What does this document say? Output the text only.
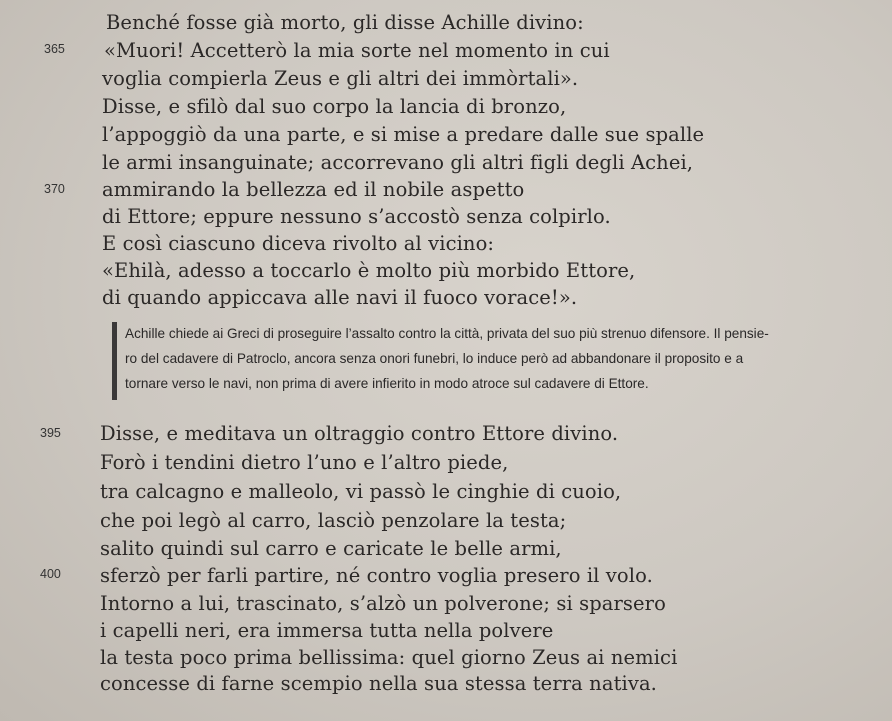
Benché fosse già morto, gli disse Achille divino:
365 «Muori! Accetterò la mia sorte nel momento in cui
voglia compierla Zeus e gli altri dei immòrtali».
Disse, e sfilò dal suo corpo la lancia di bronzo,
l’appoggiò da una parte, e si mise a predare dalle sue spalle
le armi insanguinate; accorrevano gli altri figli degli Achei,
370 ammirando la bellezza ed il nobile aspetto
di Ettore; eppure nessuno s’accostò senza colpirlo.
E così ciascuno diceva rivolto al vicino:
«Ehilà, adesso a toccarlo è molto più morbido Ettore,
di quando appiccava alle navi il fuoco vorace!».
Achille chiede ai Greci di proseguire l’assalto contro la città, privata del suo più strenuo difensore. Il pensie-
ro del cadavere di Patroclo, ancora senza onori funebri, lo induce però ad abbandonare il proposito e a
tornare verso le navi, non prima di avere infierito in modo atroce sul cadavere di Ettore.
395 Disse, e meditava un oltraggio contro Ettore divino.
Forò i tendini dietro l’uno e l’altro piede,
tra calcagno e malleolo, vi passò le cinghie di cuoio,
che poi legò al carro, lasciò penzolare la testa;
salito quindi sul carro e caricate le belle armi,
400 sferzò per farli partire, né contro voglia presero il volo.
Intorno a lui, trascinato, s’alzò un polverone; si sparsero
i capelli neri, era immersa tutta nella polvere
la testa poco prima bellissima: quel giorno Zeus ai nemici
concesse di farne scempio nella sua stessa terra nativa.
